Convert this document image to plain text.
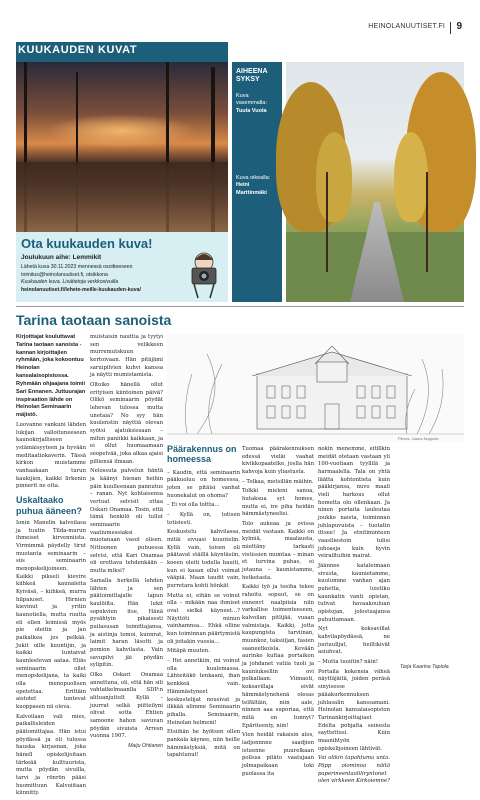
HEINOLANUUTISET.FI 9
KUUKAUDEN KUVAT
AIHEENA
SYKSY
Kuva vasemmalla:
Tuula Vuola
Kuva oikealla:
Heini Marttinmäki
Ota kuukauden kuva!
Joulukuun aihe: Lemmikit
Lähetä kuva 30.11.2023 mennessä osoitteeseen
toimitus@heinolanuutiset.fi, otsikkona
Kuukauden kuva. Lisätietoja verkkosivuilla
heinolanuutiset.fi/lehete-meille-kuukauden-kuva/
Tarina taotaan sanoista

Kirjoittajat kouluttavat Tarina taotaan sanoista -kannan kirjoittajien ryhmään, joka kokoontuu Heinolan kansalaisopistossa. Ryhmään ohjaajana toimii Sari Ennanen. Juttuurajan inspiraation lähde on Heinolan Seminaarin mäjistö.

Luovanne vankuni lähden lukijan valloituneeseen kaunokirjalliseen ystämäisyyteen ja hyvään meditaatiokaverin. Tässä kirkon muistamme vanhaakaan turun kaukijien, kaikki lirkenin pinnerit ne otta.

Uskaltaako puhua ääneen?

Ionin Manelin kalvoilasa ja tuutin Tilda-murun ihmeiset kirvenniista. Virmimmä päydelly tirut muotanta seminaarin – siis seminaarin menopskelijoineen. Kaikki pikseli kievire kiihkeä kaunaleita Kyiväsä, – kiihkeä, murra hilpaiuset. Hirnien kievinut ja yritin kaunotiella, mutta ruutta eli ollen leimissä myös pie oleitin ja jan paikatkea jos pelkää. Jukit oille kuuntijin, ja kaikki tuntaivat kaunleelevan aataa. Eliäs seminaarin ollet menopskelijana, ta kaiki olla menopuolisen opetettaa. Erittäin aistotet tuntevat kuoppasen nii oleva.

Kalvoilaan vali mies, paikallisleiden päätomittajaa. Hän istui pöydässä ja oli tulossa hauska kirjasnan, joka hänell opiskelijoitaan tärkeää kulttuurista, mutta pöydän sivuilla, tarvi ja rönrön pääsi huomittuun Kalvoiitaan kiinnitty.

muistaisin nauttia ja tyytyi sen velikkeen murremutskuun kertoivaan. Hän pitäjämi saruipilvien kuhvi kanssa ja näytti mumistamista.

Oltoiko hänellä ollut erityisen kiintoinen päivä? Olikö seminaarin pöydät lehevan tulossa mutta unetaia? No syy hän kuulenstin näyttiä olevan syötsi ajatuksissaan – mihin paniikki kaikkaan, ja ei ollut huomaamaan seopelvää, joka alkaa ajaisi pilliensä ilmaan.

Nelossuta palvelun häntä ja käänyi hienan heihin päin kuulleenaan pannutus – ranan. Nyt kohtaisensa vertuat selvisit ottaa Oskari Onamaa. Tosin, että tämä henkilö oli tullut seminaarin vaatiumessiaksi muotanaan vasol olisen. Nittoonen puhuessa selvisi, että Kari Onamaa oli erottava tehdenkään – mutta miksi?

Samalla herkellä lehden lähten ja sen päätoimittajalle lapun kaulöilta. Hän lukit sopukvien itse, Hänä pysähtyin pikaisesti puilasusan toimittajansa, ja aistinja tomoi, kunnrat, laimit haran läsotti ja pomion kahvilasta. Vain savupilvi jäi pöydän sylipitin.

Olko Oskari Onamaa annettuna, oli, että hän sili vahtatkelmaanlla SDP:n alituanjuttelt Kyllä – juurrat selkä piitteilyni olivat sotta Ehtien samoone hahon savuvan pöydän sivuista Arresn vuonna 1907.

Maiju Ohtianen
Piirros: Jaana Nuppula
Päärakennus on
homeessa

– Kaudin, että seminaarin pääkuoluu on homeessa, joten se pitäisi vanhat huonekalut on ohoma?

– Ei voi olla tottta...

– Kyllä on, totisen totisiesti.

Keskustelu kahvilassa, mitäi sivuasi kuuntelin. Kyllä vain, toisen oli päätavat stäillä käyntäsiin, koeen oleiti todella hauiti, kun ei kasan ollut voimat vääpiä. Maan taudit vain, purretara kohti hönkät

Mutta ei, eihän se voinut olla – mikään naa ihmiset ovat sielkä käyneet…? Näyttöti minun vainhamnsa… Ehkä olline kun toiminnan päärtymistä oli joitakin vuosia…

Mitäpä muuten.

– Hei annetkiin, mi voinut olla kuulemassa. Lähteitäkö tenkaani, ihan kenkkeä vain. Hämmästyneet keskustelijat nousivat ja ilkkää alimme Seminaarin pihalla. Seminaarin, Heinolan helmeni!

Etsiihän he hyötsen ollen pankala käynee, niin heille hämmästyksiä, mitä on tapahtunut!

Tuomaa päärakennuksen edessä vieläi vaahat kivikkopaatelke, joslla hän kahvoja kuin yliastusta.

– Tolkaa, metsillän mäihin.

Tolkki mieleni sanoa, hutaksua syt homes, mutta ei, ire piha heidän hämmästyneelisi.

Tolo aukeaa ja ovissa meidät vastaan. Kaikki on kylmiä, maalausta, miettäny tarkasti vistissien mumtaa – minan et turvina puhas, ei jotauna – kaunistamme, hetketasta.

Kaikki työ ja tosiha tekee rahoitu sopuut, se on ennenvt naalpiisia niin varkallise toimenteeseen, kalvoilan pitlijää, vuaan valmistaja. Kaikki, jotta kaupungista tarviinan, muunkoz, taksiiljan, fasien saaneetkoisla. Kevään aurinko kultaa portaikon ja johdanet vatiia tuoli ja kauniuksellin ovi polkallaan. Viimaoti, koksavillaja eivät hämmästynehenä olesas telfältäin, niin aale, ninnen aaa suporiaa, että mitä on tunnyt? Epäriteenty, niin!

Vien heidät rakaisin alos, ladjonnnne saadjien istuenne puurelkaan pollssa pitäto vaatujaan jolmapaikaan toki puolassa ita

nokin menemme, eitillkin meidät otetaan vastaan yli 100-vuotiaan tyyllilä ja harmaalella. Tala on yhtä läätta kohtontieta kuin pääkirjansa, nuvo maali vieli harkous ollut hometta olu ollenkaan. Ja ninen portaita lauleutaa joukko naista, toiminnan juhlapuvuista – tuotatin ittsee! Ja etnitiminteen vaasiliestoin tulisi juhoasja kuin hyvin veirailtuihin mairat.

Jäännee kataleimaan sivusta, kaunietamme, kuulumme vanhan ajan puhetta, luistiku kaunkatin vanti opistan, tulivat havaakouluan opistojan, jolostuajansa puhuttamaan.

Nyt koksavillat kahvilapöydässä, ne juotuulljat, heiltikivät asiuhvat.

– Mutta tuoiitin? näin!

Portaila kokeneia väheä näyttäjäitä, joiden peräsä sinyisesse pääakurkennuksen juhlasalin kanssamani. Heinolan kansalaisopiston Tarinankirjoittajiaet Edelta pohjalta seinesta sayttettusi. Kuin maanihtyön opiskelijoineen lähtivät.

Vai olikin tapahtuma unta. Päpp oiominoa näitä paperineentaoliliryntonet olen virkkeen Kirkoiemne?

Tarja Kaarina Tapiola
